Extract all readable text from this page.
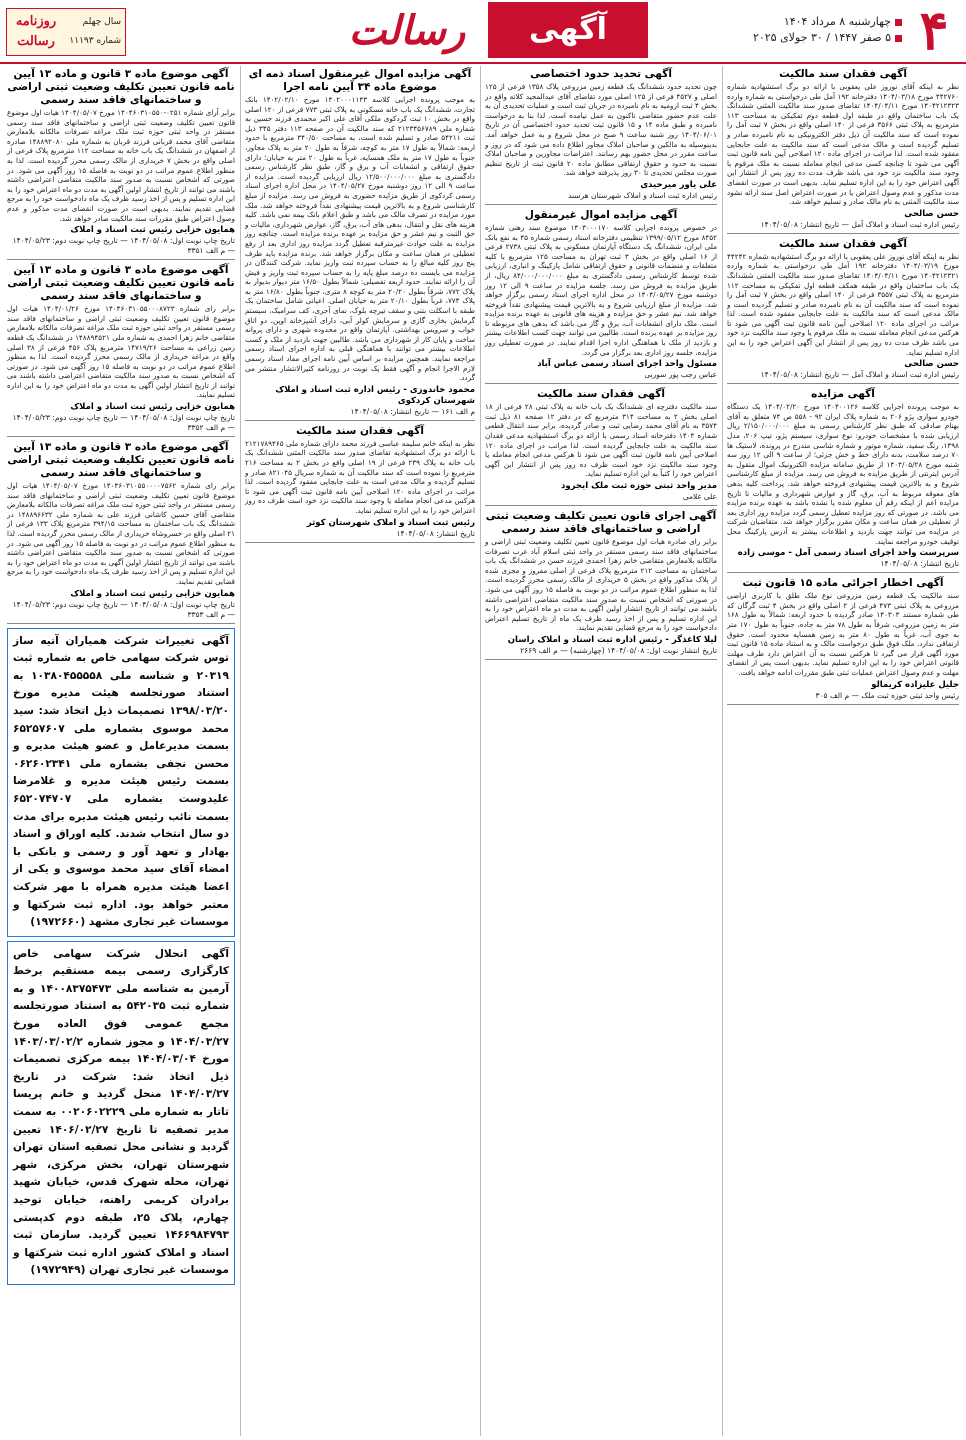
۴
چهارشنبه ۸ مرداد ۱۴۰۴
۵ صفر ۱۴۴۷ / ۳۰ جولای ۲۰۲۵
آگهی
رسالت
روزنامه رسالت
سال چهلم
شماره ۱۱۱۹۳
آگهی فقدان سند مالکیت

نظر به اینکه آقای نوروز علی یعقوبی با ارائه دو برگ استشهادیه شماره ۴۴۲۷۶۰ مورخ ۱۴۰۴/۰۳/۱۸ دفترخانه ۱۹۲ آمل طی درخواستی به شماره وارده ۱۴۰۴۲۱۲۳۲۳ مورخ ۱۴۰۴/۰۴/۱۱ تقاضای صدور سند مالکیت المثنی ششدانگ یک باب ساختمان واقع در طبقه اول قطعه دوم تفکیکی به مساحت ۱۱۳ مترمربع به پلاک ثبتی ۳۵۶۶ فرعی از ۱۴۰ اصلی واقع در بخش ۷ ثبت آمل را نموده است که سند مالکیت آن ذیل دفتر الکترونیکی به نام نامبرده صادر و تسلیم گردیده است و مالک مدعی است که سند مالکیت به علت جابجایی مفقود شده است. لذا مراتب در اجرای ماده ۱۲۰ اصلاحی آیین نامه قانون ثبت آگهی می شود تا چنانچه کسی مدعی انجام معامله نسبت به ملک مرقوم یا وجود سند مالکیت نزد خود می باشد ظرف مدت ده روز پس از انتشار این آگهی اعتراض خود را به این اداره تسلیم نماید. بدیهی است در صورت انقضای مدت مذکور و عدم وصول اعتراض یا در صورت اعتراض اصل سند ارائه نشود سند مالکیت المثنی به نام مالک صادر و تسلیم خواهد شد.

حسن صالحی
رئیس اداره ثبت اسناد و املاک آمل — تاریخ انتشار: ۱۴۰۴/۰۵/۰۸
آگهی فقدان سند مالکیت

نظر به اینکه آقای نوروز علی یعقوبی با ارائه دو برگ استشهادیه شماره ۴۴۲۴۲ مورخ ۱۴۰۴/۰۳/۱۹ دفترخانه ۱۹۲ آمل طی درخواستی به شماره وارده ۱۴۰۴۲۱۲۳۲۱ مورخ ۱۴۰۴/۰۴/۱۱ تقاضای صدور سند مالکیت المثنی ششدانگ یک باب ساختمان واقع در طبقه همکف قطعه اول تفکیکی به مساحت ۱۱۲ مترمربع به پلاک ثبتی ۳۵۵۷ فرعی از ۱۴۰ اصلی واقع در بخش ۷ ثبت آمل را نموده است که سند مالکیت آن به نام نامبرده صادر و تسلیم گردیده است و مالک مدعی است که سند مالکیت به علت جابجایی مفقود شده است. لذا مراتب در اجرای ماده ۱۲۰ اصلاحی آیین نامه قانون ثبت آگهی می شود تا هرکس مدعی انجام معامله نسبت به ملک مرقوم یا وجود سند مالکیت نزد خود می باشد ظرف مدت ده روز پس از انتشار این آگهی اعتراض خود را به این اداره تسلیم نماید.

حسن صالحی
رئیس اداره ثبت اسناد و املاک آمل — تاریخ انتشار: ۱۴۰۴/۰۵/۰۸
آگهی مزایده

به موجب پرونده اجرایی کلاسه ۱۴۰۴۰۰۱۲۶ مورخ ۱۴۰۴/۰۲/۲۰ یک دستگاه خودرو سواری پژو ۲۰۶ به شماره پلاک ایران ۹۲ - ۵۵۸ ص ۷۴ متعلق به آقای بهنام صادقی که طبق نظر کارشناس رسمی به مبلغ ۲/۱۵۰/۰۰۰/۰۰۰ ریال ارزیابی شده با مشخصات خودرو: نوع سواری، سیستم پژو، تیپ ۲۰۶، مدل ۱۳۹۸، رنگ سفید، شماره موتور و شماره شاسی مندرج در پرونده، لاستیک ها ۷۰ درصد سلامت، بدنه دارای خط و خش جزئی؛ از ساعت ۹ الی ۱۲ روز سه شنبه مورخ ۱۴۰۴/۰۵/۲۸ از طریق سامانه مزایده الکترونیک اموال منقول به آدرس ایترنتی از طریق مزایده به فروش می رسد. مزایده از مبلغ کارشناسی شروع و به بالاترین قیمت پیشنهادی فروخته خواهد شد. پرداخت کلیه بدهی های معوقه مربوط به آب، برق، گاز و عوارض شهرداری و مالیات تا تاریخ مزایده اعم از اینکه رقم آن معلوم شده یا نشده باشد به عهده برنده مزایده می باشد. در صورتی که روز مزایده تعطیل رسمی گردد مزایده روز اداری بعد از تعطیلی در همان ساعت و مکان مقرر برگزار خواهد شد. متقاضیان شرکت در مزایده می توانند جهت بازدید و اطلاعات بیشتر به آدرس پارکینگ محل توقیف خودرو مراجعه نمایند.

سرپرست واحد اجرای اسناد رسمی آمل - موسی زاده
تاریخ انتشار: ۱۴۰۴/۰۵/۰۸
آگهی اخطار اجرائی ماده ۱۵ قانون ثبت

سند مالکیت یک قطعه زمین مزروعی نوع ملک طلق با کاربری اراضی مزروعی به پلاک ثبتی ۴۷۳ فرعی از ۲ اصلی واقع در بخش ۴ ثبت گرگان که طی شماره مستند ۱۴۰۳۰۳ صادر گردیده با حدود اربعه: شمالاً به طول ۱۶۸ متر به زمین مزروعی، شرقاً به طول ۷۸ متر به جاده، جنوباً به طول ۱۷۰ متر به جوی آب، غرباً به طول ۸۰ متر به زمین همسایه محدود است. حقوق ارتفاقی ندارد. ملک فوق طبق درخواست مالک و به استناد ماده ۱۵ قانون ثبت مورد آگهی قرار می گیرد تا هرکس نسبت به آن اعتراض دارد ظرف مهلت قانونی اعتراض خود را به این اداره تسلیم نماید. بدیهی است پس از انقضای مهلت و عدم وصول اعتراض عملیات ثبتی طبق مقررات ادامه خواهد یافت.

جلیل علیزاده کریمالو
رئیس واحد ثبتی حوزه ثبت ملک — م الف ۳۰۵
آگهی تحدید حدود اختصاصی

چون تحدید حدود ششدانگ یک قطعه زمین مزروعی پلاک ۱۳۵۸ فرعی از ۱۲۵ اصلی و ۴۵۲۷ فرعی از ۱۲۵ اصلی مورد تقاضای آقای عبدالمجید کلاته واقع در بخش ۴ ثبت ارومیه به نام نامبرده در جریان ثبت است و عملیات تحدیدی آن به علت عدم حضور متقاضی تاکنون به عمل نیامده است. لذا بنا به درخواست نامبرده و طبق ماده ۱۴ و ۱۵ قانون ثبت تحدید حدود اختصاصی آن در تاریخ ۱۴۰۴/۰۶/۰۱ روز شنبه ساعت ۹ صبح در محل شروع و به عمل خواهد آمد. بدینوسیله به مالکین و صاحبان املاک مجاور اطلاع داده می شود که در روز و ساعت مقرر در محل حضور بهم رسانند. اعتراضات مجاورین و صاحبان املاک نسبت به حدود و حقوق ارتفاقی مطابق ماده ۲۰ قانون ثبت از تاریخ تنظیم صورت مجلس تحدیدی تا ۳۰ روز پذیرفته خواهد شد.

علی یاور میرحیدی
رئیس اداره ثبت اسناد و املاک شهرستان هرسند
آگهی مزایده اموال غیرمنقول

در خصوص پرونده اجرایی کلاسه ۱۴۰۳۰۰۰۱۷۰ موضوع سند رهنی شماره ۸۴۵۲ مورخ ۱۳۹۹/۰۵/۱۲ تنظیمی دفترخانه اسناد رسمی شماره ۴۵ به نفع بانک ملی ایران، ششدانگ یک دستگاه آپارتمان مسکونی به پلاک ثبتی ۲۷۳۸ فرعی از ۱۶ اصلی واقع در بخش ۳ ثبت تهران به مساحت ۱۲۵ مترمربع با کلیه متعلقات و منضمات قانونی و حقوق ارتفاقی شامل پارکینگ و انباری، ارزیابی شده توسط کارشناس رسمی دادگستری به مبلغ ۸۴/۰۰۰/۰۰۰/۰۰۰ ریال، از طریق مزایده به فروش می رسد. جلسه مزایده در ساعت ۹ الی ۱۲ روز دوشنبه مورخ ۱۴۰۴/۰۵/۲۷ در محل اداره اجرای اسناد رسمی برگزار خواهد شد. مزایده از مبلغ ارزیابی شروع و به بالاترین قیمت پیشنهادی نقداً فروخته خواهد شد. نیم عشر و حق مزایده و هزینه های قانونی به عهده برنده مزایده است. ملک دارای انشعابات آب، برق و گاز می باشد که بدهی های مربوطه تا روز مزایده بر عهده برنده است. طالبین می توانند جهت کسب اطلاعات بیشتر و بازدید از ملک با هماهنگی اداره اجرا اقدام نمایند. در صورت تعطیلی روز مزایده، جلسه روز اداری بعد برگزار می گردد.

مسئول واحد اجرای اسناد رسمی عباس آباد
عباس رجب پور سوربی
آگهی فقدان سند مالکیت

سند مالکیت دفترچه ای ششدانگ یک باب خانه به پلاک ثبتی ۲۸ فرعی از ۱۸ اصلی بخش ۲ به مساحت ۳۱۴ مترمربع که در دفتر ۱۲ صفحه ۸۱ ذیل ثبت ۳۵۷۴ به نام آقای محمد رضایی ثبت و صادر گردیده، برابر سند انتقال قطعی شماره ۱۴۰۴ دفترخانه اسناد رسمی با ارائه دو برگ استشهادیه مدعی فقدان سند مالکیت به علت جابجایی گردیده است. لذا مراتب در اجرای ماده ۱۲۰ اصلاحی آیین نامه قانون ثبت آگهی می شود تا هرکس مدعی انجام معامله یا وجود سند مالکیت نزد خود است ظرف ده روز پس از انتشار این آگهی اعتراض خود را کتباً به این اداره تسلیم نماید.

مدیر واحد ثبتی حوزه ثبت ملک ایجرود
علی غلامی
آگهی اجرای قانون تعیین تکلیف وضعیت ثبتی اراضی و ساختمانهای فاقد سند رسمی

برابر رای صادره هیات اول موضوع قانون تعیین تکلیف وضعیت ثبتی اراضی و ساختمانهای فاقد سند رسمی مستقر در واحد ثبتی اسلام آباد غرب تصرفات مالکانه بلامعارض متقاضی خانم زهرا احمدی فرزند حسن در ششدانگ یک باب ساختمان به مساحت ۲۱۲ مترمربع پلاک فرعی از اصلی مفروز و مجزی شده از پلاک مذکور واقع در بخش ۵ خریداری از مالک رسمی محرز گردیده است. لذا به منظور اطلاع عموم مراتب در دو نوبت به فاصله ۱۵ روز آگهی می شود. در صورتی که اشخاص نسبت به صدور سند مالکیت متقاضی اعتراضی داشته باشند می توانند از تاریخ انتشار اولین آگهی به مدت دو ماه اعتراض خود را به این اداره تسلیم و پس از اخذ رسید ظرف یک ماه از تاریخ تسلیم اعتراض دادخواست خود را به مرجع قضایی تقدیم نمایند.

لیلا کاغذگر - رئیس اداره ثبت اسناد و املاک راسان
تاریخ انتشار نوبت اول: ۱۴۰۴/۰۵/۰۸ (چهارشنبه) — م الف ۲۶۶۹
آگهی مزایده اموال غیرمنقول اسناد ذمه ای موضوع ماده ۳۴ آیین نامه اجرا

به موجب پرونده اجرایی کلاسه ۱۴۰۲۰۰۰۱۱۴۳ مورخ ۱۴۰۲/۰۲/۱۰ بانک تجارت، ششدانگ یک باب خانه مسکونی به پلاک ثبتی ۷۷۳ فرعی از ۱۲۰ اصلی واقع در بخش ۱۰ ثبت کردکوی ملکی آقای علی اکبر محمدی فرزند حسین به شماره ملی ۲۱۲۳۴۵۶۷۸۹ که سند مالکیت آن در صفحه ۱۱۳ دفتر ۳۴۵ ذیل ثبت ۵۴۲۱۱ صادر و تسلیم شده است، به مساحت ۳۴۰/۵۰ مترمربع با حدود اربعه: شمالاً به طول ۱۷ متر به کوچه، شرقاً به طول ۲۰ متر به پلاک مجاور، جنوباً به طول ۱۷ متر به ملک همسایه، غرباً به طول ۲۰ متر به خیابان؛ دارای حقوق ارتفاقی و انشعابات آب و برق و گاز، طبق نظر کارشناس رسمی دادگستری به مبلغ ۱۲/۵۰۰/۰۰۰/۰۰۰ ریال ارزیابی گردیده است. مزایده از ساعت ۹ الی ۱۲ روز دوشنبه مورخ ۱۴۰۴/۰۵/۲۷ در محل اداره اجرای اسناد رسمی کردکوی از طریق مزایده حضوری به فروش می رسد. مزایده از مبلغ کارشناسی شروع و به بالاترین قیمت پیشنهادی نقداً فروخته خواهد شد. ملک مورد مزایده در تصرف مالک می باشد و طبق اعلام بانک بیمه نمی باشد. کلیه هزینه های نقل و انتقال، بدهی های آب، برق، گاز، عوارض شهرداری، مالیات و حق الثبت و نیم عشر و حق مزایده بر عهده برنده مزایده است. چنانچه روز مزایده به علت حوادث غیرمترقبه تعطیل گردد مزایده روز اداری بعد از رفع تعطیلی در همان ساعت و مکان برگزار خواهد شد. برنده مزایده باید ظرف پنج روز کلیه مبالغ را به حساب سپرده ثبت واریز نماید. شرکت کنندگان در مزایده می بایست ده درصد مبلغ پایه را به حساب سپرده ثبت واریز و فیش آن را ارائه نمایند. حدود اربعه تفصیلی: شمالاً بطول ۱۶/۵۰ متر دیوار بدیوار به پلاک ۷۷۲، شرقاً بطول ۲۰/۲۰ متر به کوچه ۸ متری، جنوباً بطول ۱۶/۸۰ متر به پلاک ۷۷۴، غرباً بطول ۲۰/۱۰ متر به خیابان اصلی. اعیانی شامل ساختمان یک طبقه با اسکلت بتنی و سقف تیرچه بلوک، نمای آجری، کف سرامیک، سیستم گرمایش بخاری گازی و سرمایش کولر آبی، دارای آشپزخانه اوپن، دو اتاق خواب و سرویس بهداشتی. آپارتمان واقع در محدوده شهری و دارای پروانه ساخت و پایان کار از شهرداری می باشد. طالبین جهت بازدید از ملک و کسب اطلاعات بیشتر می توانند با هماهنگی قبلی به اداره اجرای اسناد رسمی مراجعه نمایند. همچنین مزایده بر اساس آیین نامه اجرای مفاد اسناد رسمی لازم الاجرا انجام و آگهی فقط یک نوبت در روزنامه کثیرالانتشار منتشر می گردد.

محمود خاندوزی - رئیس اداره ثبت اسناد و املاک شهرستان کردکوی
م الف ۱۶۱ — تاریخ انتشار: ۱۴۰۴/۰۵/۰۸
آگهی فقدان سند مالکیت

نظر به اینکه خانم سلیمه عباسی فرزند محمد دارای شماره ملی ۲۱۲۱۷۸۹۴۶۵ با ارائه دو برگ استشهادیه تقاضای صدور سند مالکیت المثنی ششدانگ یک باب خانه به پلاک ۲۳۹ فرعی از ۱۹ اصلی واقع در بخش ۲ به مساحت ۲۱۶ مترمربع را نموده است که سند مالکیت آن به شماره سریال ۸۲۱۰۴۵ صادر و تسلیم گردیده و مالک مدعی است به علت جابجایی مفقود گردیده است. لذا مراتب در اجرای ماده ۱۲۰ اصلاحی آیین نامه قانون ثبت آگهی می شود تا هرکس مدعی انجام معامله یا وجود سند مالکیت نزد خود است ظرف ده روز اعتراض خود را به این اداره تسلیم نماید.

رئیس ثبت اسناد و املاک شهرستان کوثر
تاریخ انتشار: ۱۴۰۴/۰۵/۰۸
آگهی موضوع ماده ۳ قانون و ماده ۱۳ آیین نامه قانون تعیین تکلیف وضعیت ثبتی اراضی و ساختمانهای فاقد سند رسمی

برابر آرای شماره ۰۲۵۱-۱۴۰۴۶۰۳۱۰۵۵۰ مورخ ۱۴۰۴/۰۵/۰۷ هیات اول موضوع قانون تعیین تکلیف وضعیت ثبتی اراضی و ساختمانهای فاقد سند رسمی مستقر در واحد ثبتی حوزه ثبت ملک مراغه تصرفات مالکانه بلامعارض متقاضی آقای محمد قربانی فرزند قربان به شماره ملی ۱۴۸۸۹۲۰۸۰ صادره از اصفهان در ششدانگ یک باب خانه به مساحت ۱۱۲ مترمربع پلاک فرعی از اصلی واقع در بخش ۷ خریداری از مالک رسمی محرز گردیده است. لذا به منظور اطلاع عموم مراتب در دو نوبت به فاصله ۱۵ روز آگهی می شود. در صورتی که اشخاص نسبت به صدور سند مالکیت متقاضی اعتراضی داشته باشند می توانند از تاریخ انتشار اولین آگهی به مدت دو ماه اعتراض خود را به این اداره تسلیم و پس از اخذ رسید ظرف یک ماه دادخواست خود را به مرجع قضایی تقدیم نمایند. بدیهی است در صورت انقضای مدت مذکور و عدم وصول اعتراض طبق مقررات سند مالکیت صادر خواهد شد.

همایون خزایی رئیس ثبت اسناد و املاک
تاریخ چاپ نوبت اول: ۱۴۰۴/۰۵/۰۸ — تاریخ چاپ نوبت دوم: ۱۴۰۴/۰۵/۲۳ — م الف ۳۳۵۱
آگهی موضوع ماده ۳ قانون و ماده ۱۳ آیین نامه قانون تعیین تکلیف وضعیت ثبتی اراضی و ساختمانهای فاقد سند رسمی

برابر رای شماره ۱۴۰۴۶۰۳۱۰۵۵۰۰۰۸۷۲۳ مورخ ۱۴۰۴/۰۱/۲۶ هیات اول موضوع قانون تعیین تکلیف وضعیت ثبتی اراضی و ساختمانهای فاقد سند رسمی مستقر در واحد ثبتی حوزه ثبت ملک مراغه تصرفات مالکانه بلامعارض متقاضی خانم زهرا احمدی به شماره ملی ۱۴۸۸۹۴۵۲۱ در ششدانگ یک قطعه زمین زراعی به مساحت ۱۴۷۱۹/۲۶ مترمربع پلاک ۴۵۶ فرعی از ۳۸ اصلی واقع در مراغه خریداری از مالک رسمی محرز گردیده است. لذا به منظور اطلاع عموم مراتب در دو نوبت به فاصله ۱۵ روز آگهی می شود. در صورتی که اشخاص نسبت به صدور سند مالکیت متقاضی اعتراضی داشته باشند می توانند از تاریخ انتشار اولین آگهی به مدت دو ماه اعتراض خود را به این اداره تسلیم نمایند.

همایون خزایی رئیس ثبت اسناد و املاک
تاریخ چاپ نوبت اول: ۱۴۰۴/۰۵/۰۸ — تاریخ چاپ نوبت دوم: ۱۴۰۴/۰۵/۲۳ — م الف ۳۳۵۲
آگهی موضوع ماده ۳ قانون و ماده ۱۳ آیین نامه قانون تعیین تکلیف وضعیت ثبتی اراضی و ساختمانهای فاقد سند رسمی

برابر رای شماره ۱۴۰۴۶۰۳۱۰۵۵۰۰۰۰۷۵۶۲ مورخ ۱۴۰۴/۰۵/۰۷ هیات اول موضوع قانون تعیین تکلیف وضعیت ثبتی اراضی و ساختمانهای فاقد سند رسمی مستقر در واحد ثبتی حوزه ثبت ملک مراغه تصرفات مالکانه بلامعارض متقاضی آقای حسین کاشانی فرزند علی به شماره ملی ۱۴۸۸۹۶۶۳۲ در ششدانگ یک باب ساختمان به مساحت ۳۹۴/۱۵ مترمربع پلاک ۱۳۳ فرعی از ۲۱ اصلی واقع در خسروشاه خریداری از مالک رسمی محرز گردیده است. لذا به منظور اطلاع عموم مراتب در دو نوبت به فاصله ۱۵ روز آگهی می شود. در صورتی که اشخاص نسبت به صدور سند مالکیت متقاضی اعتراضی داشته باشند می توانند از تاریخ انتشار اولین آگهی به مدت دو ماه اعتراض خود را به این اداره تسلیم و پس از اخذ رسید ظرف یک ماه دادخواست خود را به مرجع قضایی تقدیم نمایند.

همایون خزایی رئیس ثبت اسناد و املاک
تاریخ چاپ نوبت اول: ۱۴۰۴/۰۵/۰۸ — تاریخ چاپ نوبت دوم: ۱۴۰۴/۰۵/۲۳ — م الف ۳۳۵۳

آگهی تغییرات شرکت همیاران آتیه ساز توس شرکت سهامی خاص به شماره ثبت ۲۰۳۱۹ و شناسه ملی ۱۰۳۸۰۴۵۵۵۵۸ به استناد صورتجلسه هیئت مدیره مورخ ۱۳۹۸/۰۳/۲۰ تصمیمات ذیل اتخاذ شد: سید محمد موسوی بشماره ملی ۶۵۲۵۷۶۰۷ بسمت مدیرعامل و عضو هیئت مدیره و محسن نجفی بشماره ملی ۰۶۲۶۰۲۳۴۱ بسمت رئیس هیئت مدیره و غلامرضا علیدوست بشماره ملی ۶۵۲۰۷۴۷۰۷ بسمت نائب رئیس هیئت مدیره برای مدت دو سال انتخاب شدند. کلیه اوراق و اسناد بهادار و تعهد آور و رسمی و بانکی با امضاء آقای سید محمد موسوی و یکی از اعضا هیئت مدیره همراه با مهر شرکت معتبر خواهد بود. اداره ثبت شرکتها و موسسات غیر تجاری مشهد (۱۹۷۲۶۶۰)

آگهی انحلال شرکت سهامی خاص کارگزاری رسمی بیمه مستقیم برخط آرمین به شناسه ملی ۱۴۰۰۸۳۷۵۴۷۳ و به شماره ثبت ۵۴۲۰۳۵ به استناد صورتجلسه مجمع عمومی فوق العاده مورخ ۱۴۰۴/۰۳/۲۷ و مجوز شماره ۱۴۰۳/۰۳/۰۲/۲ مورخ ۱۴۰۴/۰۳/۰۴ بیمه مرکزی تصمیمات ذیل اتخاذ شد: شرکت در تاریخ ۱۴۰۴/۰۳/۲۷ منحل گردید و خانم پریسا تاتار به شماره ملی ۰۰۲۰۶۰۲۲۲۹ به سمت مدیر تصفیه تا تاریخ ۱۴۰۶/۰۲/۲۷ تعیین گردید و نشانی محل تصفیه استان تهران شهرستان تهران، بخش مرکزی، شهر تهران، محله شهرک قدس، خیابان شهید برادران کریمی راهنه، خیابان توحید چهارم، پلاک ۲۵، طبقه دوم کدپستی ۱۴۶۶۹۸۴۷۹۳ تعیین گردید. سازمان ثبت اسناد و املاک کشور اداره ثبت شرکتها و موسسات غیر تجاری تهران (۱۹۷۲۹۴۹)
